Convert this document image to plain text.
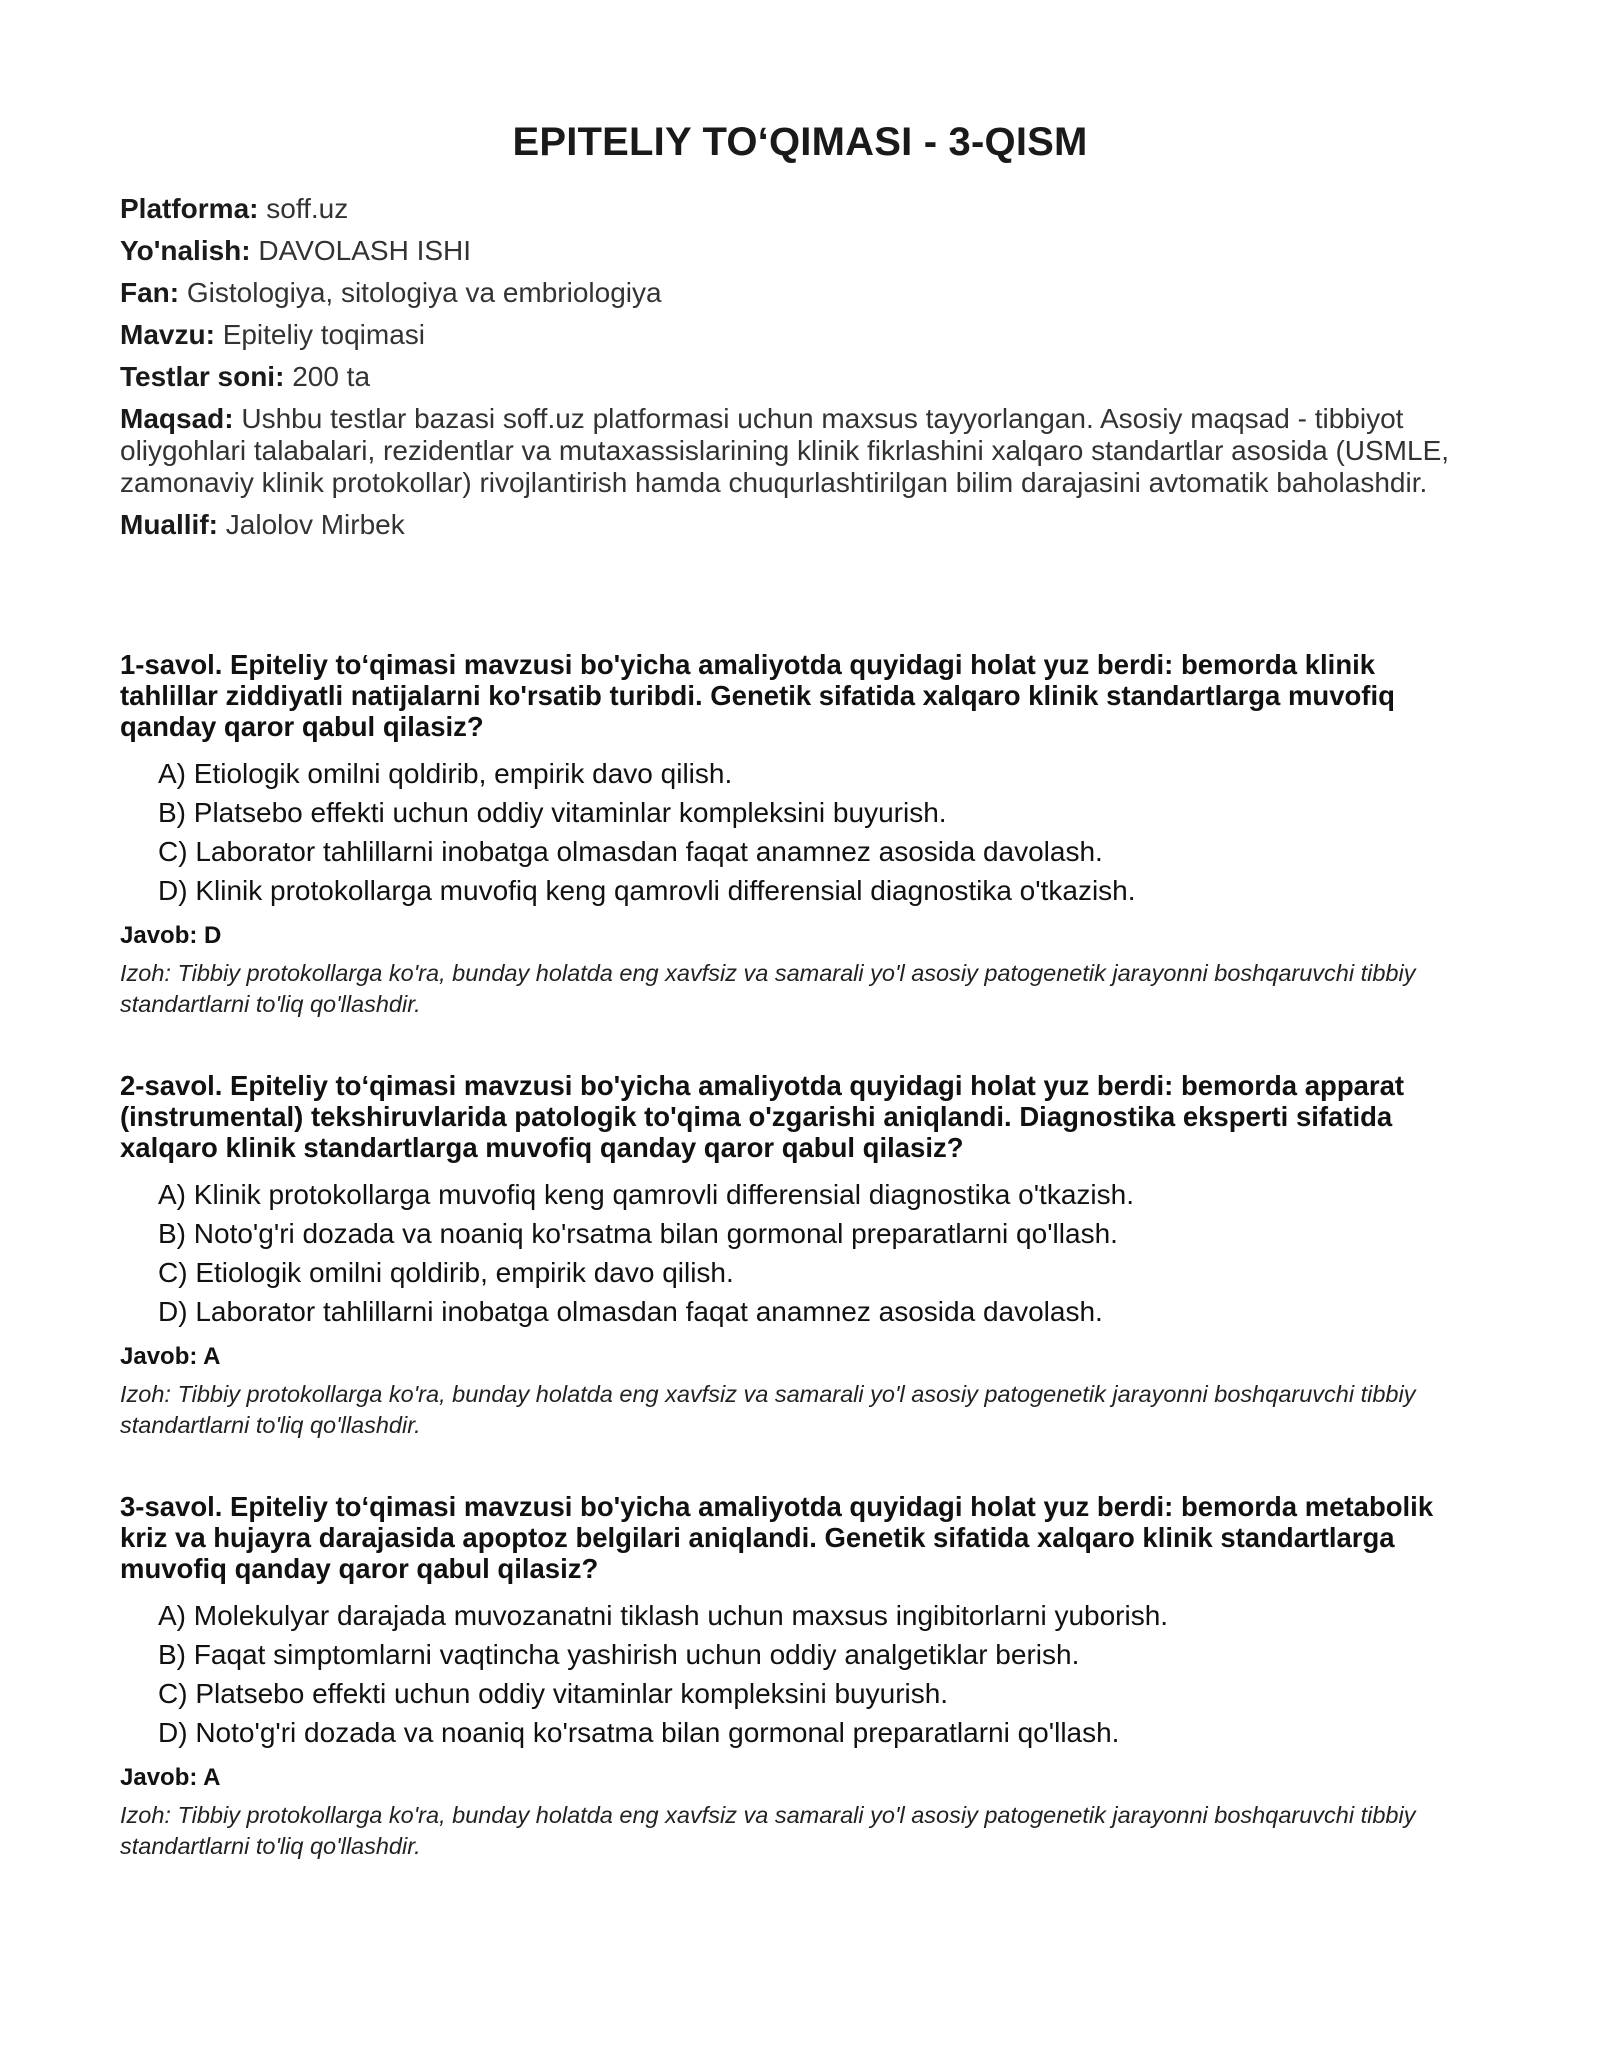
EPITELIY TO‘QIMASI - 3-QISM
Platforma: soff.uz
Yo'nalish: DAVOLASH ISHI
Fan: Gistologiya, sitologiya va embriologiya
Mavzu: Epiteliy toqimasi
Testlar soni: 200 ta
Maqsad: Ushbu testlar bazasi soff.uz platformasi uchun maxsus tayyorlangan. Asosiy maqsad - tibbiyot oliygohlari talabalari, rezidentlar va mutaxassislarining klinik fikrlashini xalqaro standartlar asosida (USMLE, zamonaviy klinik protokollar) rivojlantirish hamda chuqurlashtirilgan bilim darajasini avtomatik baholashdir.
Muallif: Jalolov Mirbek
1-savol. Epiteliy to‘qimasi mavzusi bo'yicha amaliyotda quyidagi holat yuz berdi: bemorda klinik tahlillar ziddiyatli natijalarni ko'rsatib turibdi. Genetik sifatida xalqaro klinik standartlarga muvofiq qanday qaror qabul qilasiz?
A) Etiologik omilni qoldirib, empirik davo qilish.
B) Platsebo effekti uchun oddiy vitaminlar kompleksini buyurish.
C) Laborator tahlillarni inobatga olmasdan faqat anamnez asosida davolash.
D) Klinik protokollarga muvofiq keng qamrovli differensial diagnostika o'tkazish.
Javob: D
Izoh: Tibbiy protokollarga ko'ra, bunday holatda eng xavfsiz va samarali yo'l asosiy patogenetik jarayonni boshqaruvchi tibbiy standartlarni to'liq qo'llashdir.
2-savol. Epiteliy to‘qimasi mavzusi bo'yicha amaliyotda quyidagi holat yuz berdi: bemorda apparat (instrumental) tekshiruvlarida patologik to'qima o'zgarishi aniqlandi. Diagnostika eksperti sifatida xalqaro klinik standartlarga muvofiq qanday qaror qabul qilasiz?
A) Klinik protokollarga muvofiq keng qamrovli differensial diagnostika o'tkazish.
B) Noto'g'ri dozada va noaniq ko'rsatma bilan gormonal preparatlarni qo'llash.
C) Etiologik omilni qoldirib, empirik davo qilish.
D) Laborator tahlillarni inobatga olmasdan faqat anamnez asosida davolash.
Javob: A
Izoh: Tibbiy protokollarga ko'ra, bunday holatda eng xavfsiz va samarali yo'l asosiy patogenetik jarayonni boshqaruvchi tibbiy standartlarni to'liq qo'llashdir.
3-savol. Epiteliy to‘qimasi mavzusi bo'yicha amaliyotda quyidagi holat yuz berdi: bemorda metabolik kriz va hujayra darajasida apoptoz belgilari aniqlandi. Genetik sifatida xalqaro klinik standartlarga muvofiq qanday qaror qabul qilasiz?
A) Molekulyar darajada muvozanatni tiklash uchun maxsus ingibitorlarni yuborish.
B) Faqat simptomlarni vaqtincha yashirish uchun oddiy analgetiklar berish.
C) Platsebo effekti uchun oddiy vitaminlar kompleksini buyurish.
D) Noto'g'ri dozada va noaniq ko'rsatma bilan gormonal preparatlarni qo'llash.
Javob: A
Izoh: Tibbiy protokollarga ko'ra, bunday holatda eng xavfsiz va samarali yo'l asosiy patogenetik jarayonni boshqaruvchi tibbiy standartlarni to'liq qo'llashdir.
